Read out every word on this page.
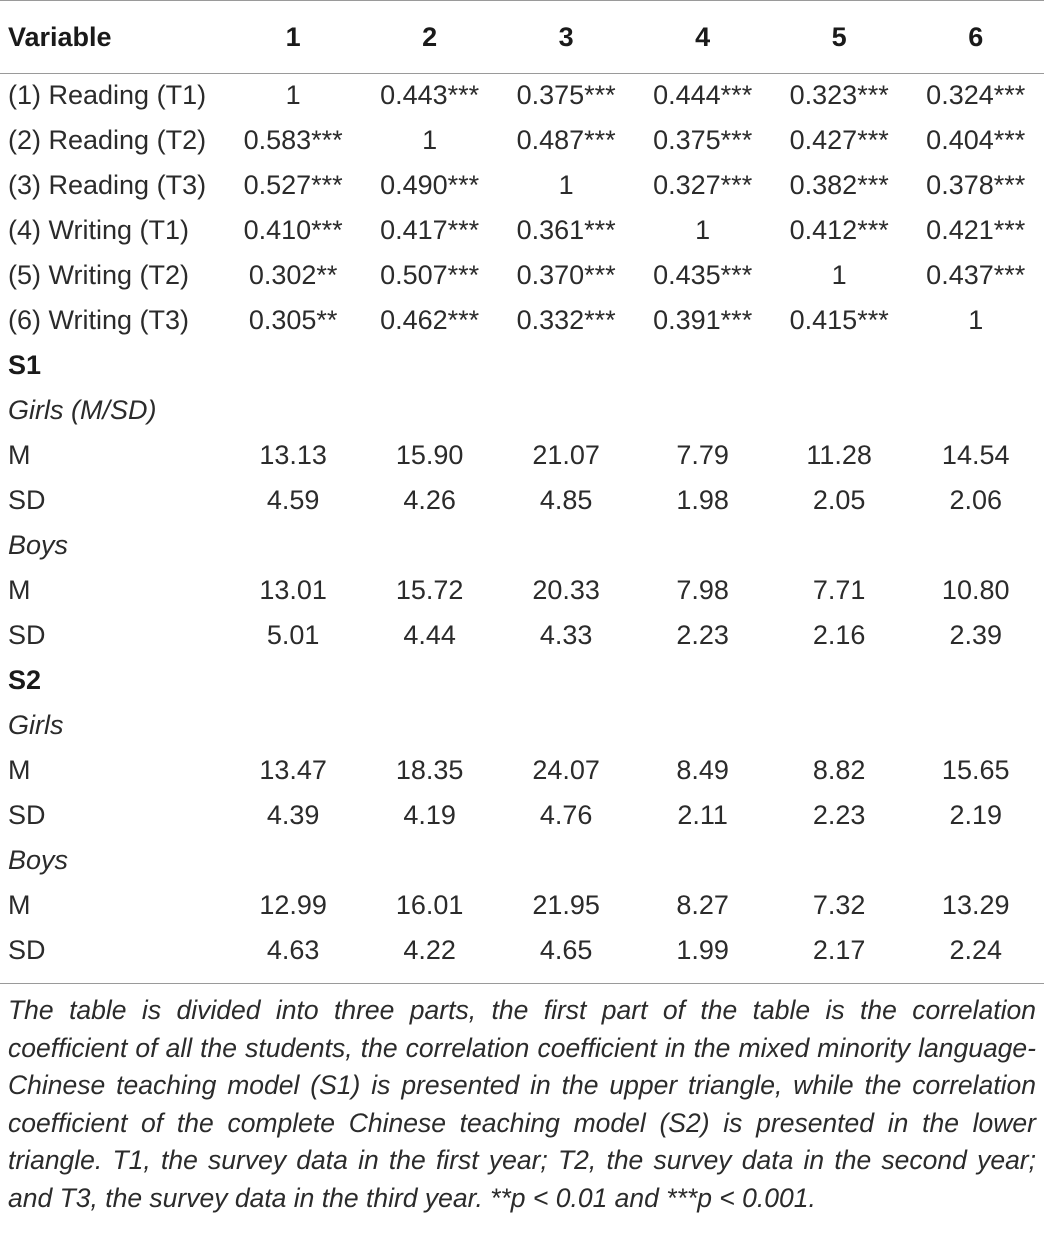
Variable	1	2	3	4	5	6
(1) Reading (T1)	1	0.443***	0.375***	0.444***	0.323***	0.324***
(2) Reading (T2)	0.583***	1	0.487***	0.375***	0.427***	0.404***
(3) Reading (T3)	0.527***	0.490***	1	0.327***	0.382***	0.378***
(4) Writing (T1)	0.410***	0.417***	0.361***	1	0.412***	0.421***
(5) Writing (T2)	0.302**	0.507***	0.370***	0.435***	1	0.437***
(6) Writing (T3)	0.305**	0.462***	0.332***	0.391***	0.415***	1
S1						
Girls (M/SD)						
M	13.13	15.90	21.07	7.79	11.28	14.54
SD	4.59	4.26	4.85	1.98	2.05	2.06
Boys						
M	13.01	15.72	20.33	7.98	7.71	10.80
SD	5.01	4.44	4.33	2.23	2.16	2.39
S2						
Girls						
M	13.47	18.35	24.07	8.49	8.82	15.65
SD	4.39	4.19	4.76	2.11	2.23	2.19
Boys						
M	12.99	16.01	21.95	8.27	7.32	13.29
SD	4.63	4.22	4.65	1.99	2.17	2.24
The table is divided into three parts, the first part of the table is the correlation coefficient of all the students, the correlation coefficient in the mixed minority language-Chinese teaching model (S1) is presented in the upper triangle, while the correlation coefficient of the complete Chinese teaching model (S2) is presented in the lower triangle. T1, the survey data in the first year; T2, the survey data in the second year; and T3, the survey data in the third year. **p < 0.01 and ***p < 0.001.
